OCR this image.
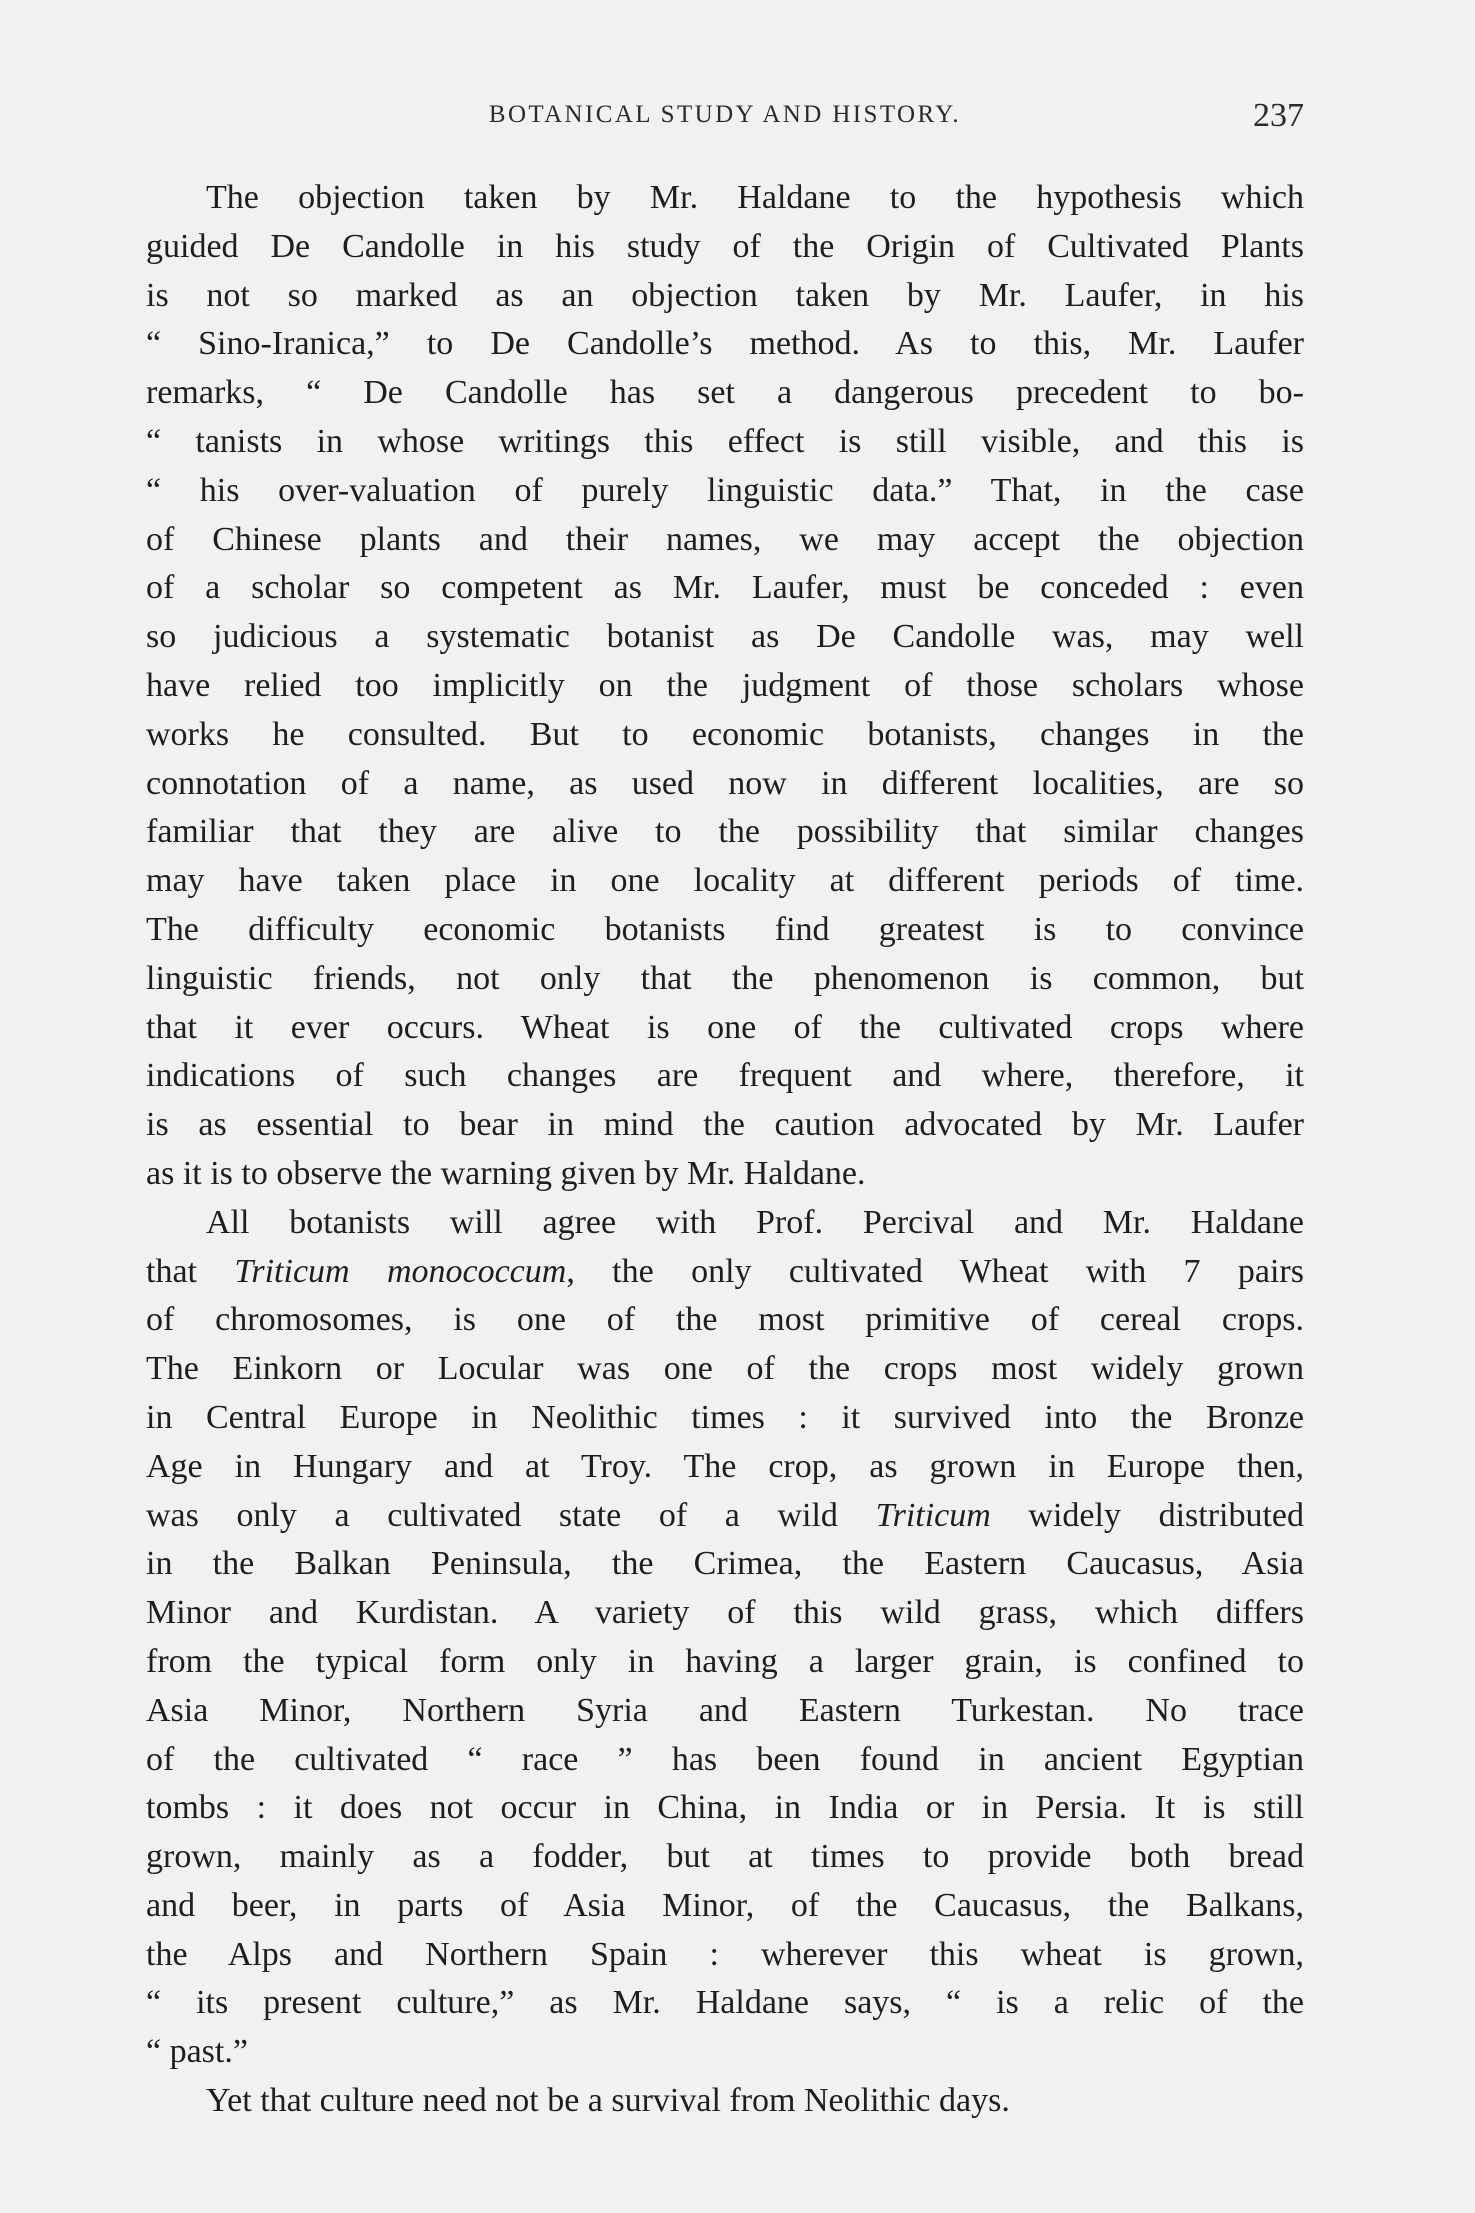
BOTANICAL STUDY AND HISTORY.	237
The objection taken by Mr. Haldane to the hypothesis which
guided De Candolle in his study of the Origin of Cultivated Plants
is not so marked as an objection taken by Mr. Laufer, in his
“ Sino-Iranica,” to De Candolle’s method. As to this, Mr. Laufer
remarks, “ De Candolle has set a dangerous precedent to bo-
“ tanists in whose writings this effect is still visible, and this is
“ his over-valuation of purely linguistic data.” That, in the case
of Chinese plants and their names, we may accept the objection
of a scholar so competent as Mr. Laufer, must be conceded : even
so judicious a systematic botanist as De Candolle was, may well
have relied too implicitly on the judgment of those scholars whose
works he consulted. But to economic botanists, changes in the
connotation of a name, as used now in different localities, are so
familiar that they are alive to the possibility that similar changes
may have taken place in one locality at different periods of time.
The difficulty economic botanists find greatest is to convince
linguistic friends, not only that the phenomenon is common, but
that it ever occurs. Wheat is one of the cultivated crops where
indications of such changes are frequent and where, therefore, it
is as essential to bear in mind the caution advocated by Mr. Laufer
as it is to observe the warning given by Mr. Haldane.
All botanists will agree with Prof. Percival and Mr. Haldane
that Triticum monococcum, the only cultivated Wheat with 7 pairs
of chromosomes, is one of the most primitive of cereal crops.
The Einkorn or Locular was one of the crops most widely grown
in Central Europe in Neolithic times : it survived into the Bronze
Age in Hungary and at Troy. The crop, as grown in Europe then,
was only a cultivated state of a wild Triticum widely distributed
in the Balkan Peninsula, the Crimea, the Eastern Caucasus, Asia
Minor and Kurdistan. A variety of this wild grass, which differs
from the typical form only in having a larger grain, is confined to
Asia Minor, Northern Syria and Eastern Turkestan. No trace
of the cultivated “ race ” has been found in ancient Egyptian
tombs : it does not occur in China, in India or in Persia. It is still
grown, mainly as a fodder, but at times to provide both bread
and beer, in parts of Asia Minor, of the Caucasus, the Balkans,
the Alps and Northern Spain : wherever this wheat is grown,
“ its present culture,” as Mr. Haldane says, “ is a relic of the
“ past.”
Yet that culture need not be a survival from Neolithic days.
